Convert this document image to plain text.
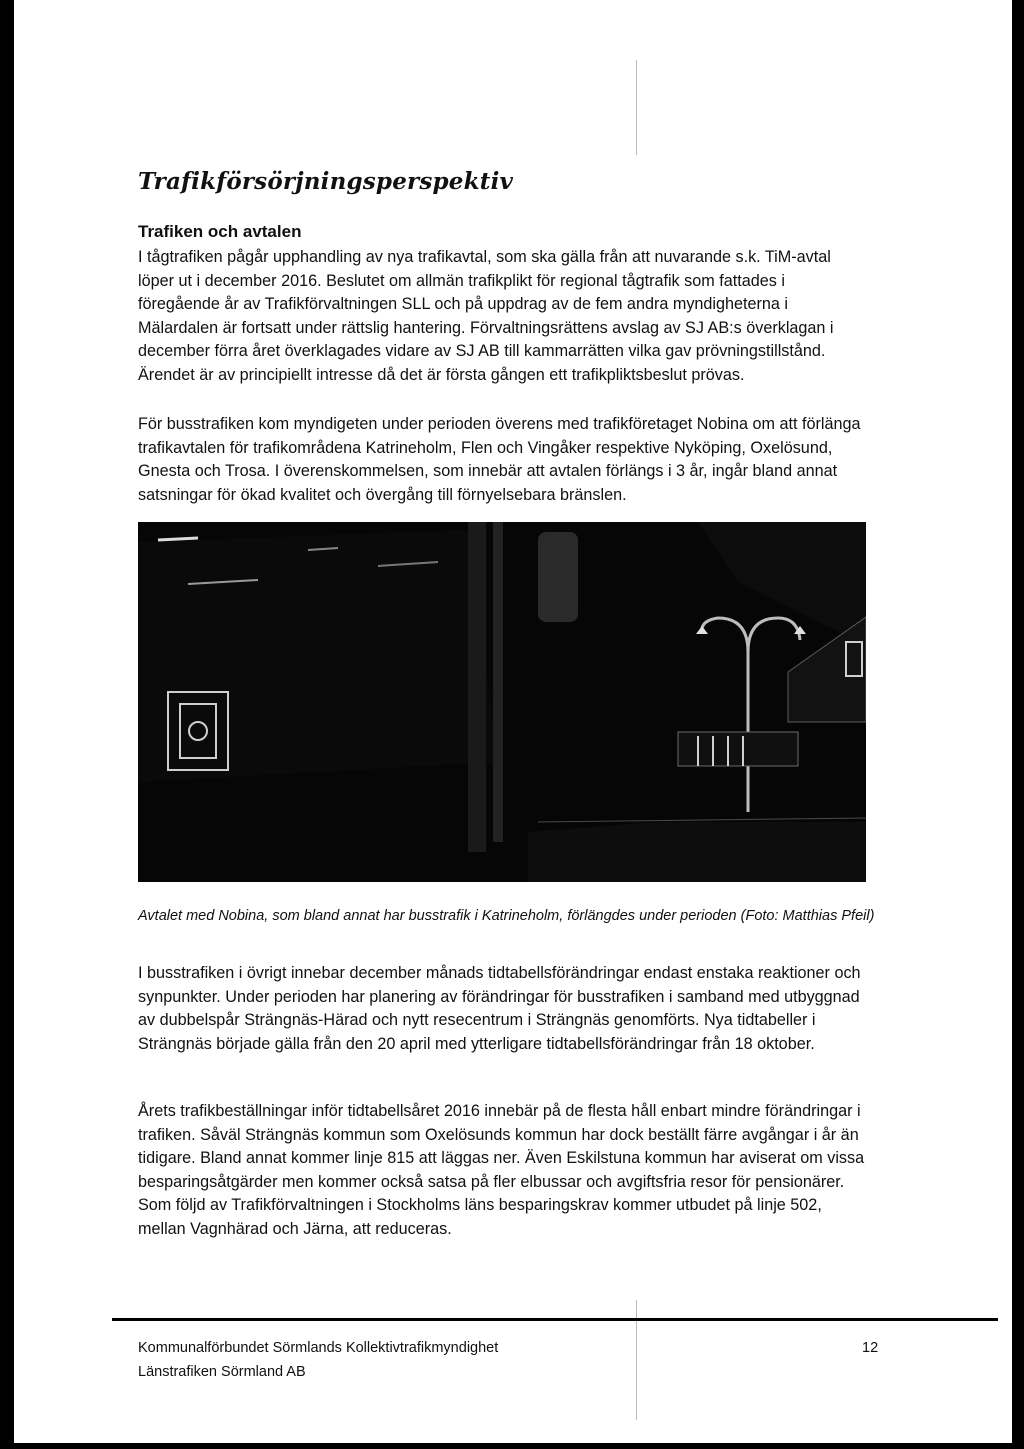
Trafikförsörjningsperspektiv
Trafiken och avtalen

I tågtrafiken pågår upphandling av nya trafikavtal, som ska gälla från att nuvarande s.k. TiM-avtal löper ut i december 2016. Beslutet om allmän trafikplikt för regional tågtrafik som fattades i föregående år av Trafikförvaltningen SLL och på uppdrag av de fem andra myndigheterna i Mälardalen är fortsatt under rättslig hantering. Förvaltningsrättens avslag av SJ AB:s överklagan i december förra året överklagades vidare av SJ AB till kammarrätten vilka gav prövningstillstånd. Ärendet är av principiellt intresse då det är första gången ett trafikpliktsbeslut prövas.

För busstrafiken kom myndigeten under perioden överens med trafikföretaget Nobina om att förlänga trafikavtalen för trafikområdena Katrineholm, Flen och Vingåker respektive Nyköping, Oxelösund, Gnesta och Trosa. I överenskommelsen, som innebär att avtalen förlängs i 3 år, ingår bland annat satsningar för ökad kvalitet och övergång till förnyelsebara bränslen.

Avtalet med Nobina, som bland annat har busstrafik i Katrineholm, förlängdes under perioden (Foto: Matthias Pfeil)

I busstrafiken i övrigt innebar december månads tidtabellsförändringar endast enstaka reaktioner och synpunkter. Under perioden har planering av förändringar för busstrafiken i samband med utbyggnad av dubbelspår Strängnäs-Härad och nytt resecentrum i Strängnäs genomförts. Nya tidtabeller i Strängnäs började gälla från den 20 april med ytterligare tidtabellsförändringar från 18 oktober.

Årets trafikbeställningar inför tidtabellsåret 2016 innebär på de flesta håll enbart mindre förändringar i trafiken. Såväl Strängnäs kommun som Oxelösunds kommun har dock beställt färre avgångar i år än tidigare. Bland annat kommer linje 815 att läggas ner. Även Eskilstuna kommun har aviserat om vissa besparingsåtgärder men kommer också satsa på fler elbussar och avgiftsfria resor för pensionärer. Som följd av Trafikförvaltningen i Stockholms läns besparingskrav kommer utbudet på linje 502, mellan Vagnhärad och Järna, att reduceras.

Kommunalförbundet Sörmlands Kollektivtrafikmyndighet

Länstrafiken Sörmland AB

12
